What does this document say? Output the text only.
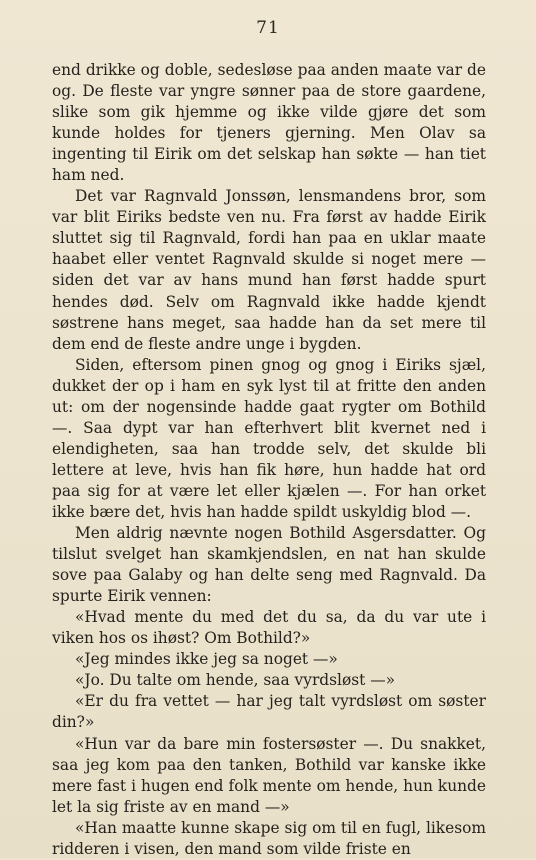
71

end drikke og doble, sedesløse paa anden maate var de og. De fleste var yngre sønner paa de store gaardene, slike som gik hjemme og ikke vilde gjøre det som kunde holdes for tjeners gjerning. Men Olav sa ingenting til Eirik om det selskap han søkte — han tiet ham ned.

Det var Ragnvald Jonssøn, lensmandens bror, som var blit Eiriks bedste ven nu. Fra først av hadde Eirik sluttet sig til Ragnvald, fordi han paa en uklar maate haabet eller ventet Ragnvald skulde si noget mere — siden det var av hans mund han først hadde spurt hendes død. Selv om Ragnvald ikke hadde kjendt søstrene hans meget, saa hadde han da set mere til dem end de fleste andre unge i bygden.

Siden, eftersom pinen gnog og gnog i Eiriks sjæl, dukket der op i ham en syk lyst til at fritte den anden ut: om der nogensinde hadde gaat rygter om Bothild —. Saa dypt var han efterhvert blit kvernet ned i elendigheten, saa han trodde selv, det skulde bli lettere at leve, hvis han fik høre, hun hadde hat ord paa sig for at være let eller kjælen —. For han orket ikke bære det, hvis han hadde spildt uskyldig blod —.

Men aldrig nævnte nogen Bothild Asgersdatter. Og tilslut svelget han skamkjendslen, en nat han skulde sove paa Galaby og han delte seng med Ragnvald. Da spurte Eirik vennen:

«Hvad mente du med det du sa, da du var ute i viken hos os ihøst? Om Bothild?»

«Jeg mindes ikke jeg sa noget —»

«Jo. Du talte om hende, saa vyrdsløst —»

«Er du fra vettet — har jeg talt vyrdsløst om søster din?»

«Hun var da bare min fostersøster —. Du snakket, saa jeg kom paa den tanken, Bothild var kanske ikke mere fast i hugen end folk mente om hende, hun kunde let la sig friste av en mand —»

«Han maatte kunne skape sig om til en fugl, likesom ridderen i visen, den mand som vilde friste en
